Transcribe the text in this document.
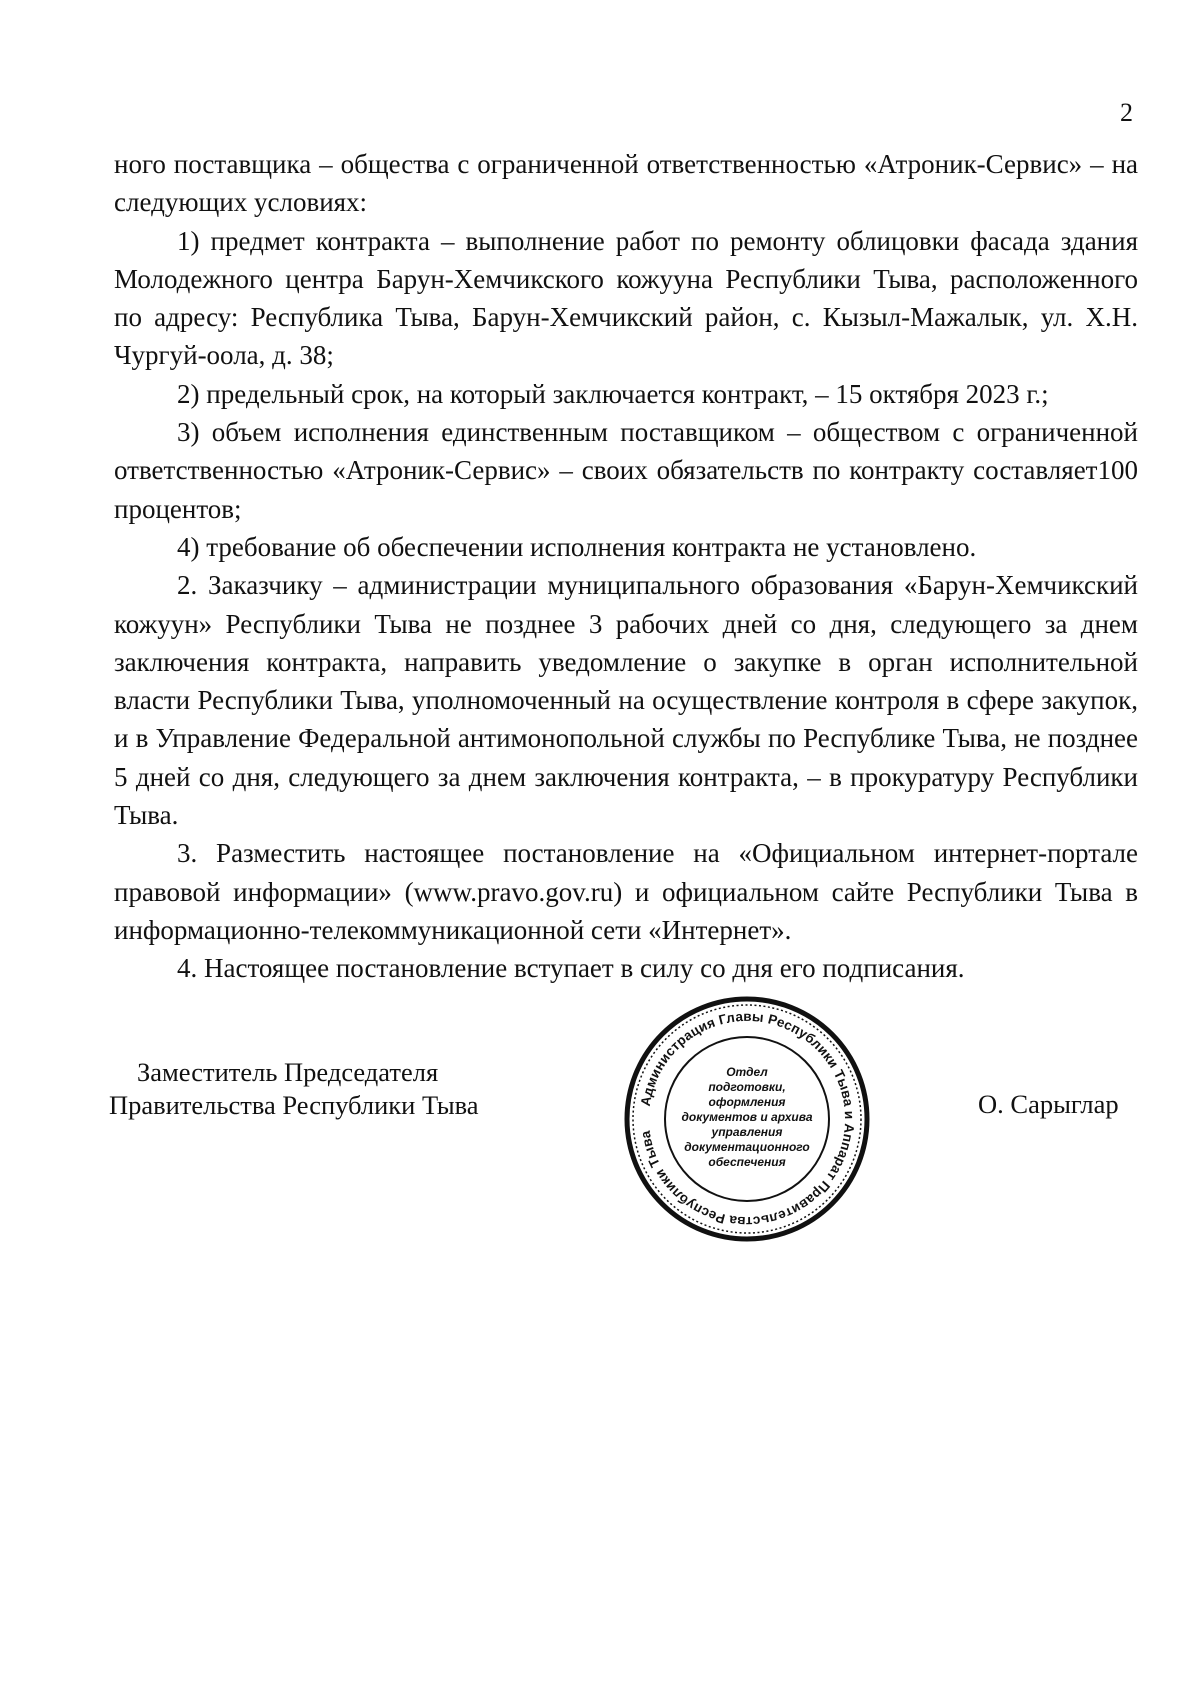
2

ного поставщика – общества с ограниченной ответственностью «Атроник-Сервис» – на следующих условиях:

1) предмет контракта – выполнение работ по ремонту облицовки фасада здания Молодежного центра Барун-Хемчикского кожууна Республики Тыва, расположенного по адресу: Республика Тыва, Барун-Хемчикский район, с. Кызыл-Мажалык, ул. Х.Н. Чургуй-оола, д. 38;

2) предельный срок, на который заключается контракт, – 15 октября 2023 г.;

3) объем исполнения единственным поставщиком – обществом с ограниченной ответственностью «Атроник-Сервис» – своих обязательств по контракту составляет100 процентов;

4) требование об обеспечении исполнения контракта не установлено.

2. Заказчику – администрации муниципального образования «Барун-Хемчикский кожуун» Республики Тыва не позднее 3 рабочих дней со дня, следующего за днем заключения контракта, направить уведомление о закупке в орган исполнительной власти Республики Тыва, уполномоченный на осуществление контроля в сфере закупок, и в Управление Федеральной антимонопольной службы по Республике Тыва, не позднее 5 дней со дня, следующего за днем заключения контракта, – в прокуратуру Республики Тыва.

3. Разместить настоящее постановление на «Официальном интернет-портале правовой информации» (www.pravo.gov.ru) и официальном сайте Республики Тыва в информационно-телекоммуникационной сети «Интернет».

4. Настоящее постановление вступает в силу со дня его подписания.

Заместитель Председателя
Правительства Республики Тыва	О. Сарыглар
Администрация Главы Республики Тыва и Аппарат Правительства Республики Тыва
Отдел
подготовки,
оформления
документов и архива
управления
документационного
обеспечения
